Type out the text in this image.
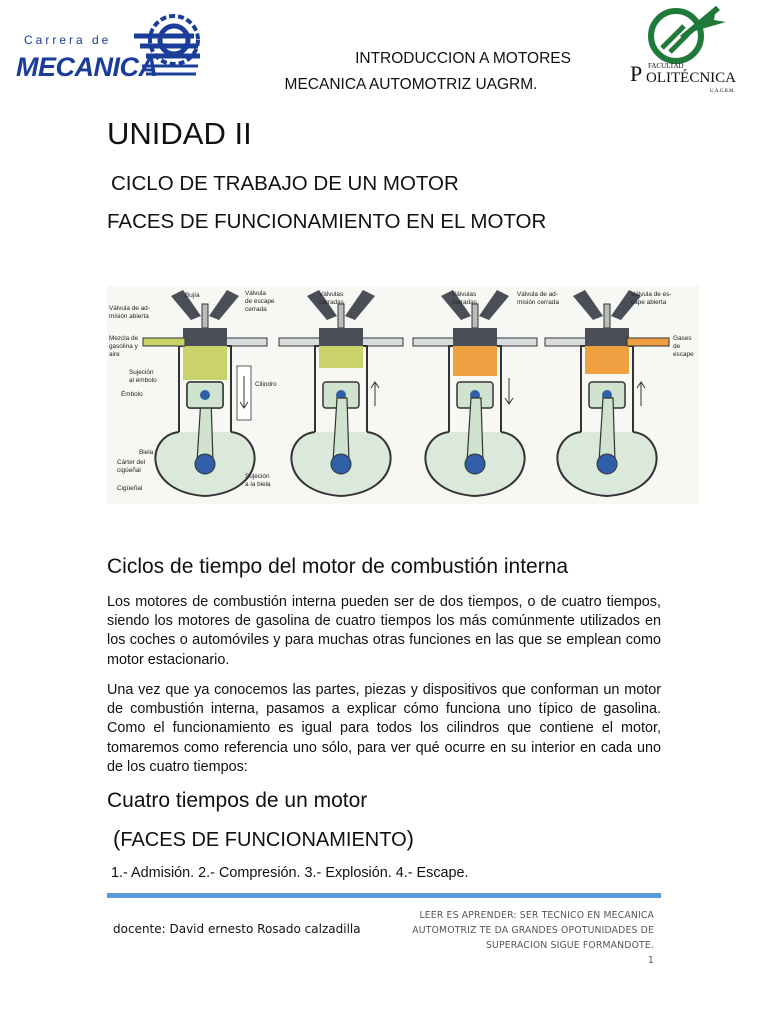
Carrera de
MECANICA	INTRODUCCION A MOTORES
MECANICA AUTOMOTRIZ UAGRM.	P FACULTAD
OLITÉCNICA
U.A.G.R.M.
UNIDAD II
CICLO DE TRABAJO DE UN MOTOR
FACES DE FUNCIONAMIENTO EN EL MOTOR
Válvula de ad-
misión abierta
Bujía	Válvula
de escape
cerrada
Mezcla de
gasolina y
aire
Sujeción
al émbolo
Émbolo
Cilindro
Biela
Cárter del
cigüeñal
Cigüeñal
Sujeción
a la biela
Válvulas
cerradas
Válvulas
cerradas
Válvula de ad-
misión cerrada
Válvula de es-
cape abierta
Gases
de
escape
Ciclos de tiempo del motor de combustión interna
Los motores de combustión interna pueden ser de dos tiempos, o de cuatro tiempos, siendo los motores de gasolina de cuatro tiempos los más comúnmente utilizados en los coches o automóviles y para muchas otras funciones en las que se emplean como motor estacionario.
Una vez que ya conocemos las partes, piezas y dispositivos que conforman un motor de combustión interna, pasamos a explicar cómo funciona uno típico de gasolina. Como el funcionamiento es igual para todos los cilindros que contiene el motor, tomaremos como referencia uno sólo, para ver qué ocurre en su interior en cada uno de los cuatro tiempos:
Cuatro tiempos de un motor
(FACES DE FUNCIONAMIENTO)
1.- Admisión. 2.- Compresión. 3.- Explosión. 4.- Escape.
docente: David ernesto Rosado calzadilla
LEER ES APRENDER: SER TECNICO EN MECANICA
AUTOMOTRIZ TE DA GRANDES OPOTUNIDADES DE
SUPERACION SIGUE FORMANDOTE.
1
